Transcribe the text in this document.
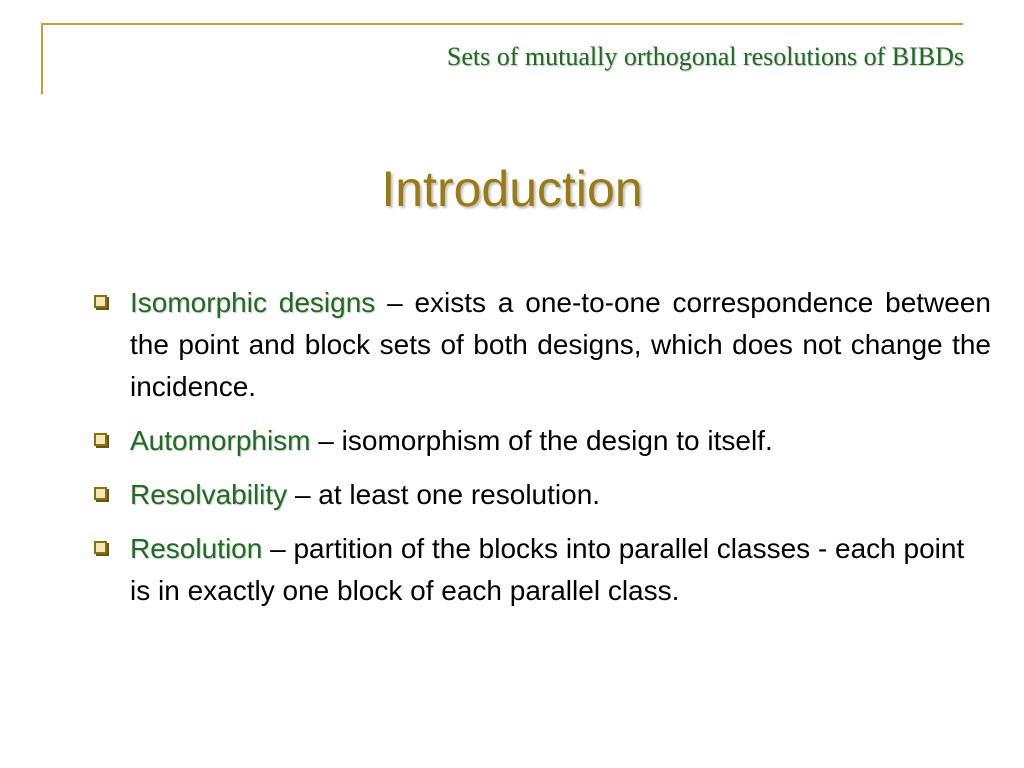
Sets of mutually orthogonal resolutions of BIBDs
Introduction
Isomorphic designs – exists a one-to-one correspondence between the point and block sets of both designs, which does not change the incidence.
Automorphism – isomorphism of the design to itself.
Resolvability – at least one resolution.
Resolution – partition of the blocks into parallel classes - each point is in exactly one block of each parallel class.
